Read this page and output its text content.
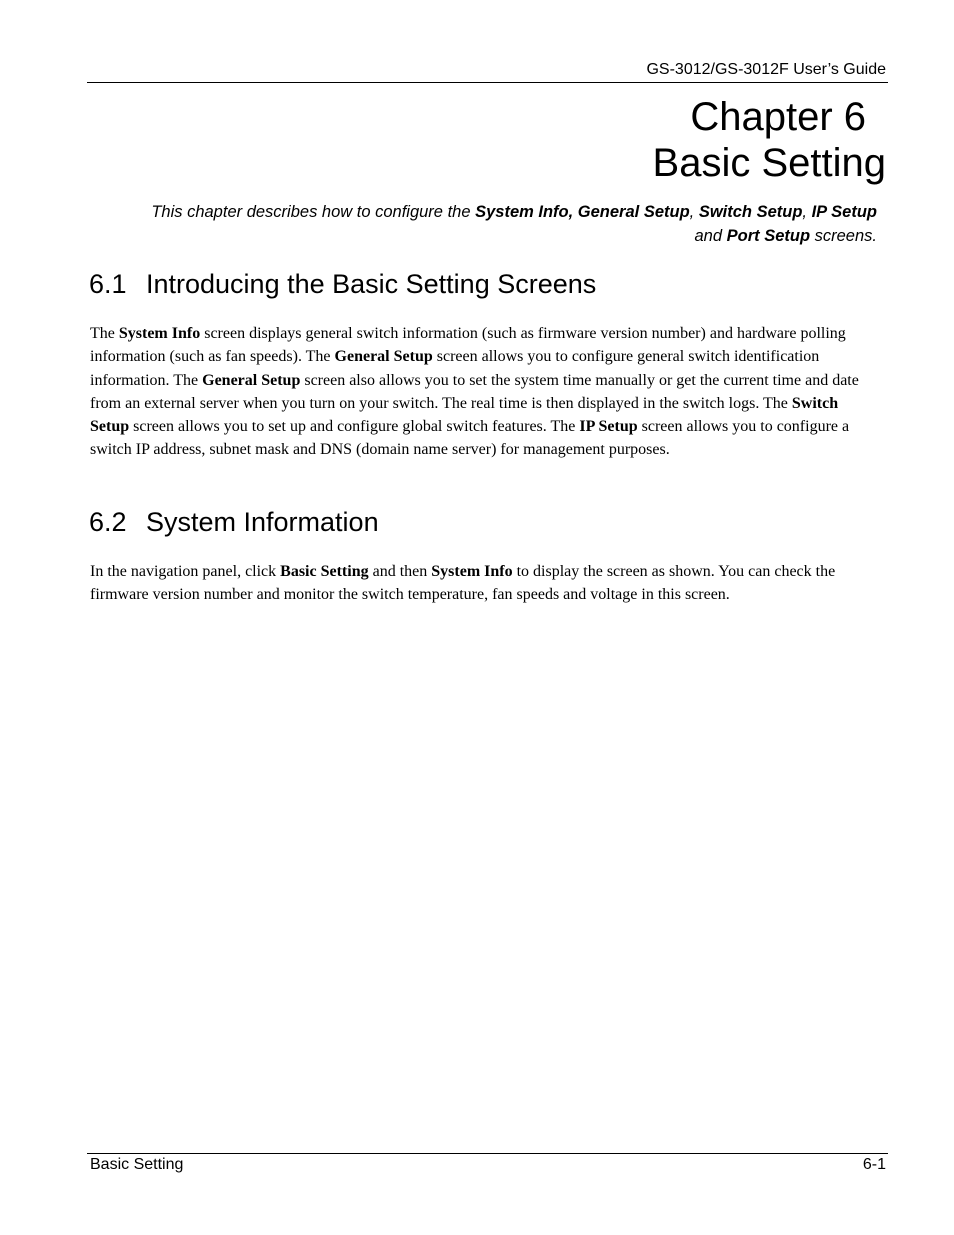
GS-3012/GS-3012F User’s Guide
Chapter 6
Basic Setting
This chapter describes how to configure the System Info, General Setup, Switch Setup, IP Setup
and Port Setup screens.
6.1 Introducing the Basic Setting Screens

The System Info screen displays general switch information (such as firmware version number) and hardware polling information (such as fan speeds). The General Setup screen allows you to configure general switch identification information. The General Setup screen also allows you to set the system time manually or get the current time and date from an external server when you turn on your switch. The real time is then displayed in the switch logs. The Switch Setup screen allows you to set up and configure global switch features. The IP Setup screen allows you to configure a switch IP address, subnet mask and DNS (domain name server) for management purposes.

6.2 System Information

In the navigation panel, click Basic Setting and then System Info to display the screen as shown. You can check the firmware version number and monitor the switch temperature, fan speeds and voltage in this screen.

Basic Setting	6-1
